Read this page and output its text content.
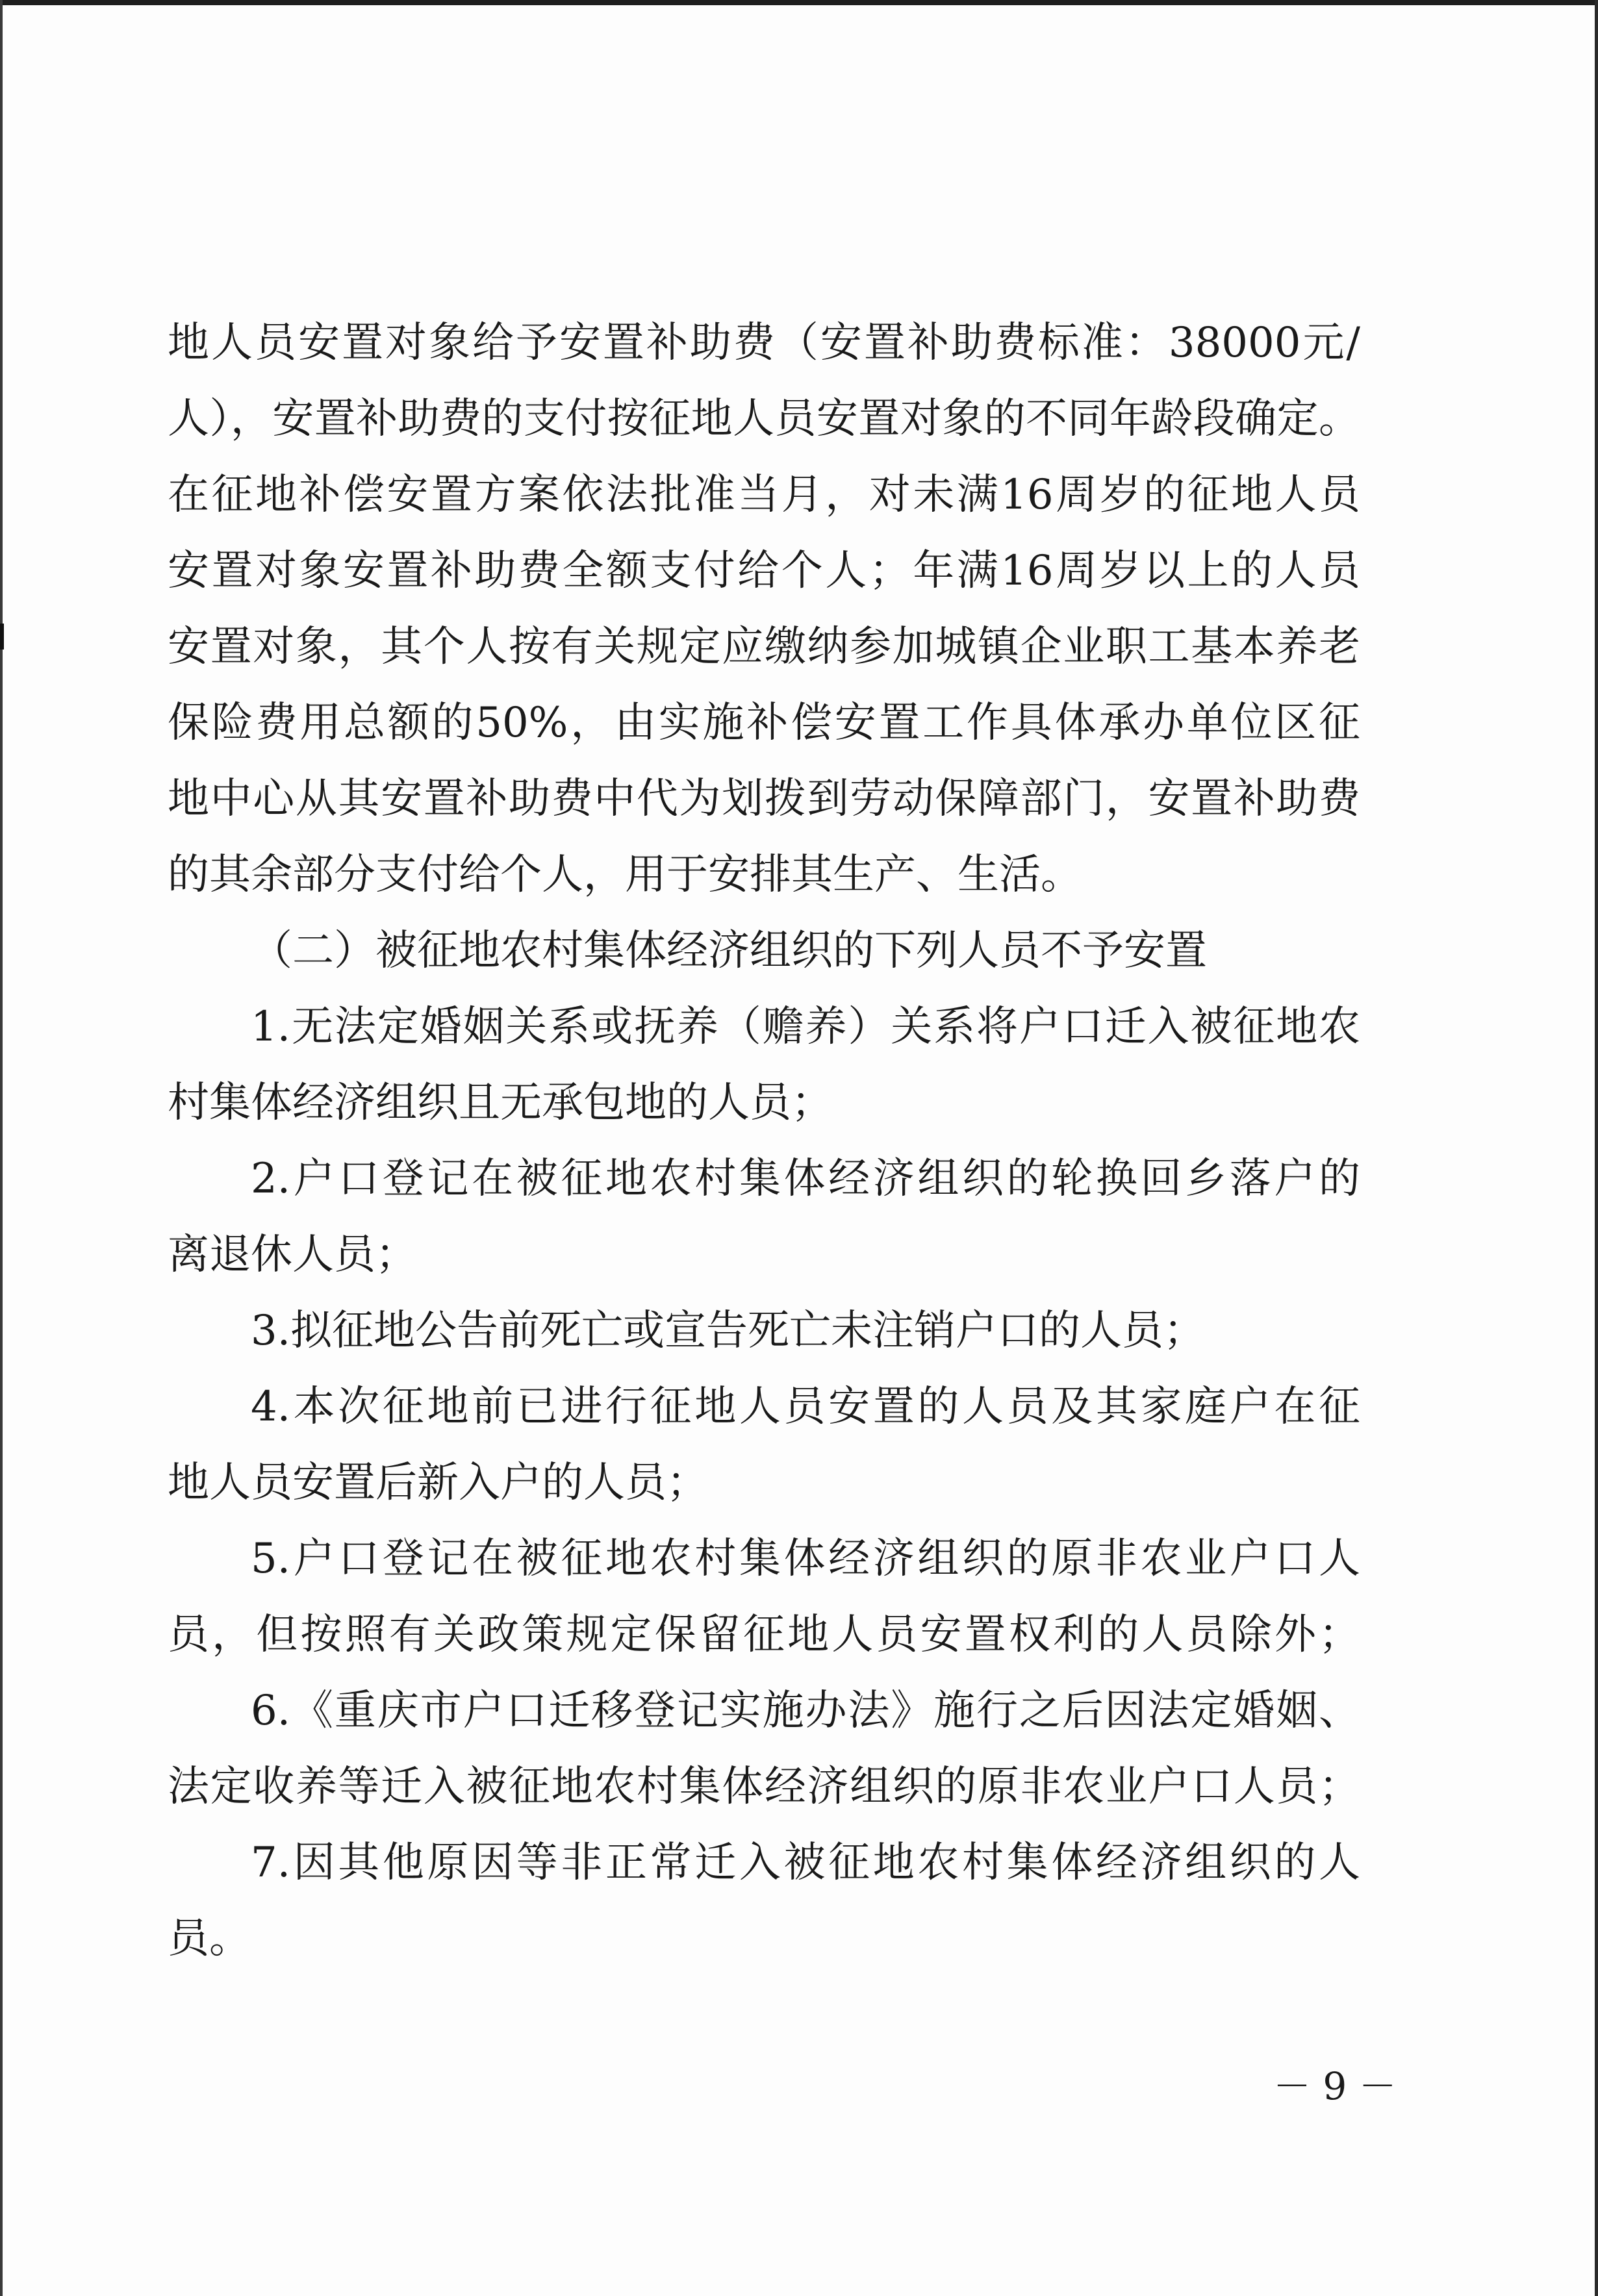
地人员安置对象给予安置补助费（安置补助费标准：38000元/
人），安置补助费的支付按征地人员安置对象的不同年龄段确定。
在征地补偿安置方案依法批准当月，对未满16周岁的征地人员
安置对象安置补助费全额支付给个人；年满16周岁以上的人员
安置对象，其个人按有关规定应缴纳参加城镇企业职工基本养老
保险费用总额的50%，由实施补偿安置工作具体承办单位区征
地中心从其安置补助费中代为划拨到劳动保障部门，安置补助费
的其余部分支付给个人，用于安排其生产、生活。
（二）被征地农村集体经济组织的下列人员不予安置
1.无法定婚姻关系或抚养（赡养）关系将户口迁入被征地农
村集体经济组织且无承包地的人员；
2.户口登记在被征地农村集体经济组织的轮换回乡落户的
离退休人员；
3.拟征地公告前死亡或宣告死亡未注销户口的人员；
4.本次征地前已进行征地人员安置的人员及其家庭户在征
地人员安置后新入户的人员；
5.户口登记在被征地农村集体经济组织的原非农业户口人
员，但按照有关政策规定保留征地人员安置权利的人员除外；
6.《重庆市户口迁移登记实施办法》施行之后因法定婚姻、
法定收养等迁入被征地农村集体经济组织的原非农业户口人员；
7.因其他原因等非正常迁入被征地农村集体经济组织的人
员。
－ 9 －
